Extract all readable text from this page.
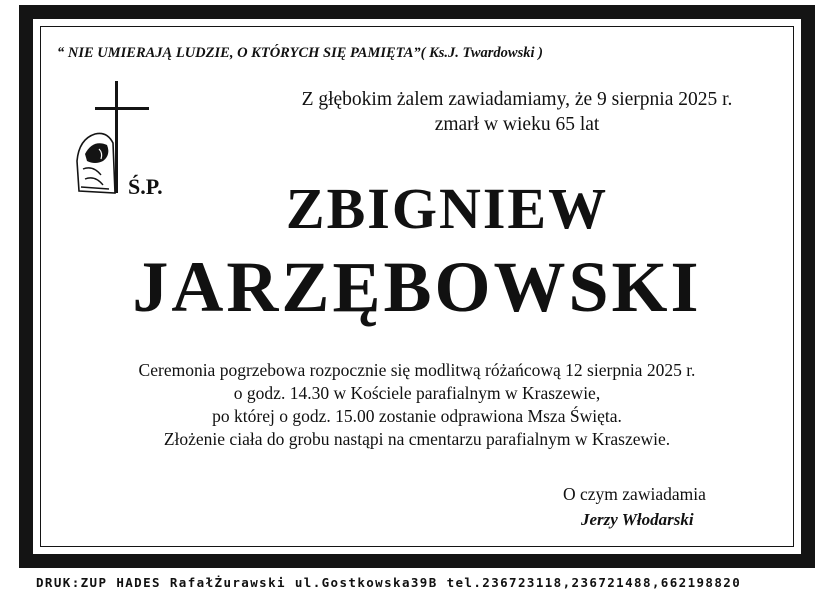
“ NIE UMIERAJĄ LUDZIE, O KTÓRYCH SIĘ PAMIĘTA”( Ks.J. Twardowski )
Ś.P.
Z głębokim żalem zawiadamiamy, że 9 sierpnia 2025 r.
zmarł w wieku 65 lat
ZBIGNIEW
JARZĘBOWSKI
Ceremonia pogrzebowa rozpocznie się modlitwą różańcową 12 sierpnia 2025 r.
o godz. 14.30 w Kościele parafialnym w Kraszewie,
po której o godz. 15.00 zostanie odprawiona Msza Święta.
Złożenie ciała do grobu nastąpi na cmentarzu parafialnym w Kraszewie.
O czym zawiadamia
Jerzy Włodarski
DRUK:ZUP HADES RafałŻurawski ul.Gostkowska39B tel.236723118,236721488,662198820
